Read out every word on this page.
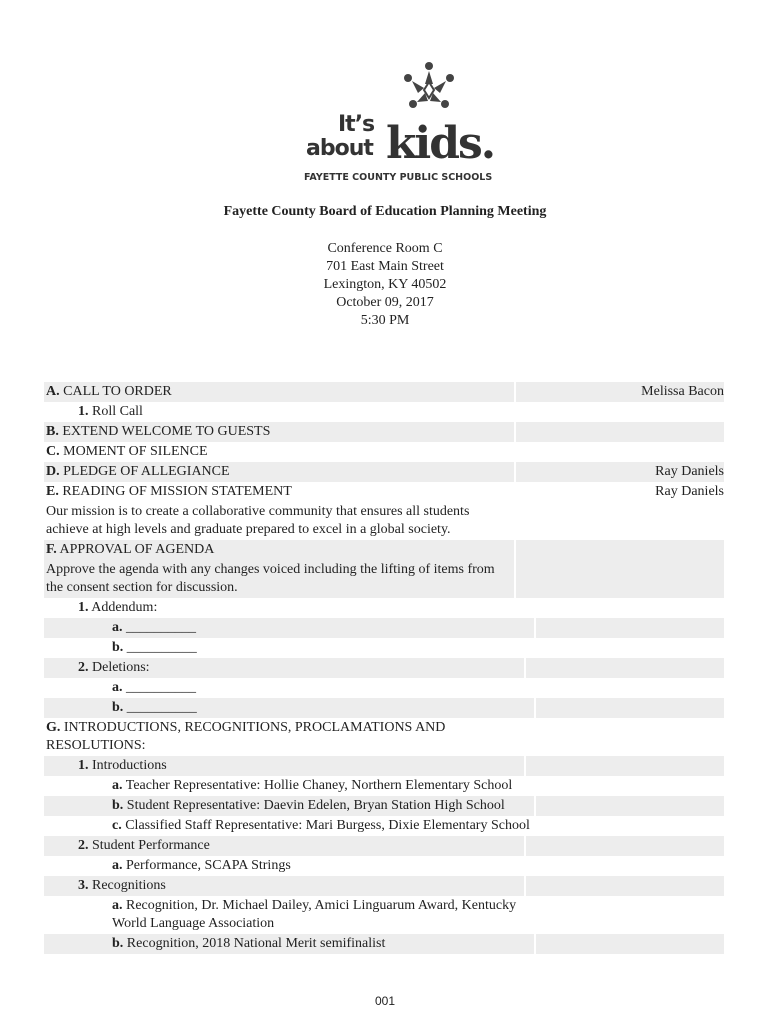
It’s
about kids.
FAYETTE COUNTY PUBLIC SCHOOLS
Fayette County Board of Education Planning Meeting
Conference Room C
701 East Main Street
Lexington, KY 40502
October 09, 2017
5:30 PM
A. CALL TO ORDER	Melissa Bacon
1. Roll Call
B. EXTEND WELCOME TO GUESTS
C. MOMENT OF SILENCE
D. PLEDGE OF ALLEGIANCE	Ray Daniels
E. READING OF MISSION STATEMENT	Ray Daniels
Our mission is to create a collaborative community that ensures all students achieve at high levels and graduate prepared to excel in a global society.
F. APPROVAL OF AGENDA
Approve the agenda with any changes voiced including the lifting of items from the consent section for discussion.
1. Addendum:
a. __________
b. __________
2. Deletions:
a. __________
b. __________
G. INTRODUCTIONS, RECOGNITIONS, PROCLAMATIONS AND RESOLUTIONS:
1. Introductions
a. Teacher Representative: Hollie Chaney, Northern Elementary School
b. Student Representative: Daevin Edelen, Bryan Station High School
c. Classified Staff Representative: Mari Burgess, Dixie Elementary School
2. Student Performance
a. Performance, SCAPA Strings
3. Recognitions
a. Recognition, Dr. Michael Dailey, Amici Linguarum Award, Kentucky World Language Association
b. Recognition, 2018 National Merit semifinalist
001
